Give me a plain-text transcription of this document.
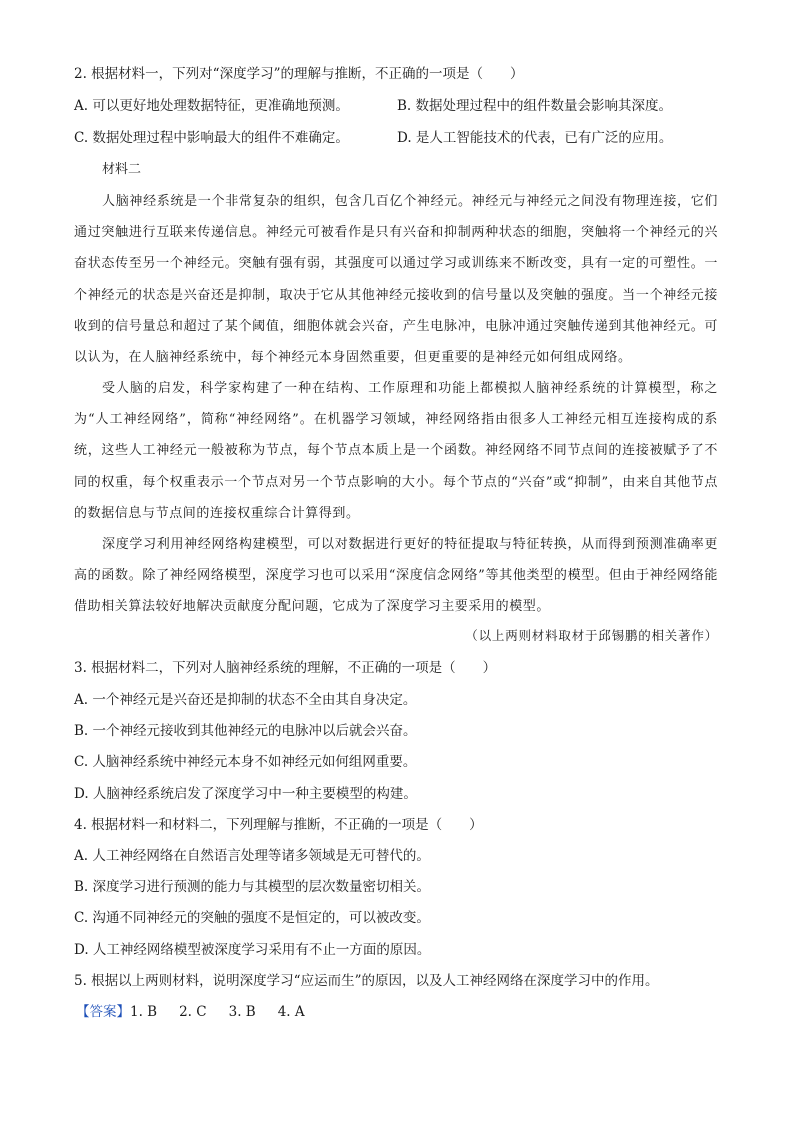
2. 根据材料一，下列对“深度学习”的理解与推断，不正确的一项是（　　）
A. 可以更好地处理数据特征，更准确地预测。	B. 数据处理过程中的组件数量会影响其深度。
C. 数据处理过程中影响最大的组件不难确定。	D. 是人工智能技术的代表，已有广泛的应用。
材料二
人脑神经系统是一个非常复杂的组织，包含几百亿个神经元。神经元与神经元之间没有物理连接，它们通过突触进行互联来传递信息。神经元可被看作是只有兴奋和抑制两种状态的细胞，突触将一个神经元的兴奋状态传至另一个神经元。突触有强有弱，其强度可以通过学习或训练来不断改变，具有一定的可塑性。一个神经元的状态是兴奋还是抑制，取决于它从其他神经元接收到的信号量以及突触的强度。当一个神经元接收到的信号量总和超过了某个阈值，细胞体就会兴奋，产生电脉冲，电脉冲通过突触传递到其他神经元。可以认为，在人脑神经系统中，每个神经元本身固然重要，但更重要的是神经元如何组成网络。
受人脑的启发，科学家构建了一种在结构、工作原理和功能上都模拟人脑神经系统的计算模型，称之为“人工神经网络”，简称“神经网络”。在机器学习领域，神经网络指由很多人工神经元相互连接构成的系统，这些人工神经元一般被称为节点，每个节点本质上是一个函数。神经网络不同节点间的连接被赋予了不同的权重，每个权重表示一个节点对另一个节点影响的大小。每个节点的“兴奋”或“抑制”，由来自其他节点的数据信息与节点间的连接权重综合计算得到。
深度学习利用神经网络构建模型，可以对数据进行更好的特征提取与特征转换，从而得到预测准确率更高的函数。除了神经网络模型，深度学习也可以采用“深度信念网络”等其他类型的模型。但由于神经网络能借助相关算法较好地解决贡献度分配问题，它成为了深度学习主要采用的模型。
（以上两则材料取材于邱锡鹏的相关著作）
3. 根据材料二，下列对人脑神经系统的理解，不正确的一项是（　　）
A. 一个神经元是兴奋还是抑制的状态不全由其自身决定。
B. 一个神经元接收到其他神经元的电脉冲以后就会兴奋。
C. 人脑神经系统中神经元本身不如神经元如何组网重要。
D. 人脑神经系统启发了深度学习中一种主要模型的构建。
4. 根据材料一和材料二，下列理解与推断，不正确的一项是（　　）
A. 人工神经网络在自然语言处理等诸多领域是无可替代的。
B. 深度学习进行预测的能力与其模型的层次数量密切相关。
C. 沟通不同神经元的突触的强度不是恒定的，可以被改变。
D. 人工神经网络模型被深度学习采用有不止一方面的原因。
5. 根据以上两则材料，说明深度学习“应运而生”的原因，以及人工神经网络在深度学习中的作用。
【答案】1. B 2. C 3. B 4. A
